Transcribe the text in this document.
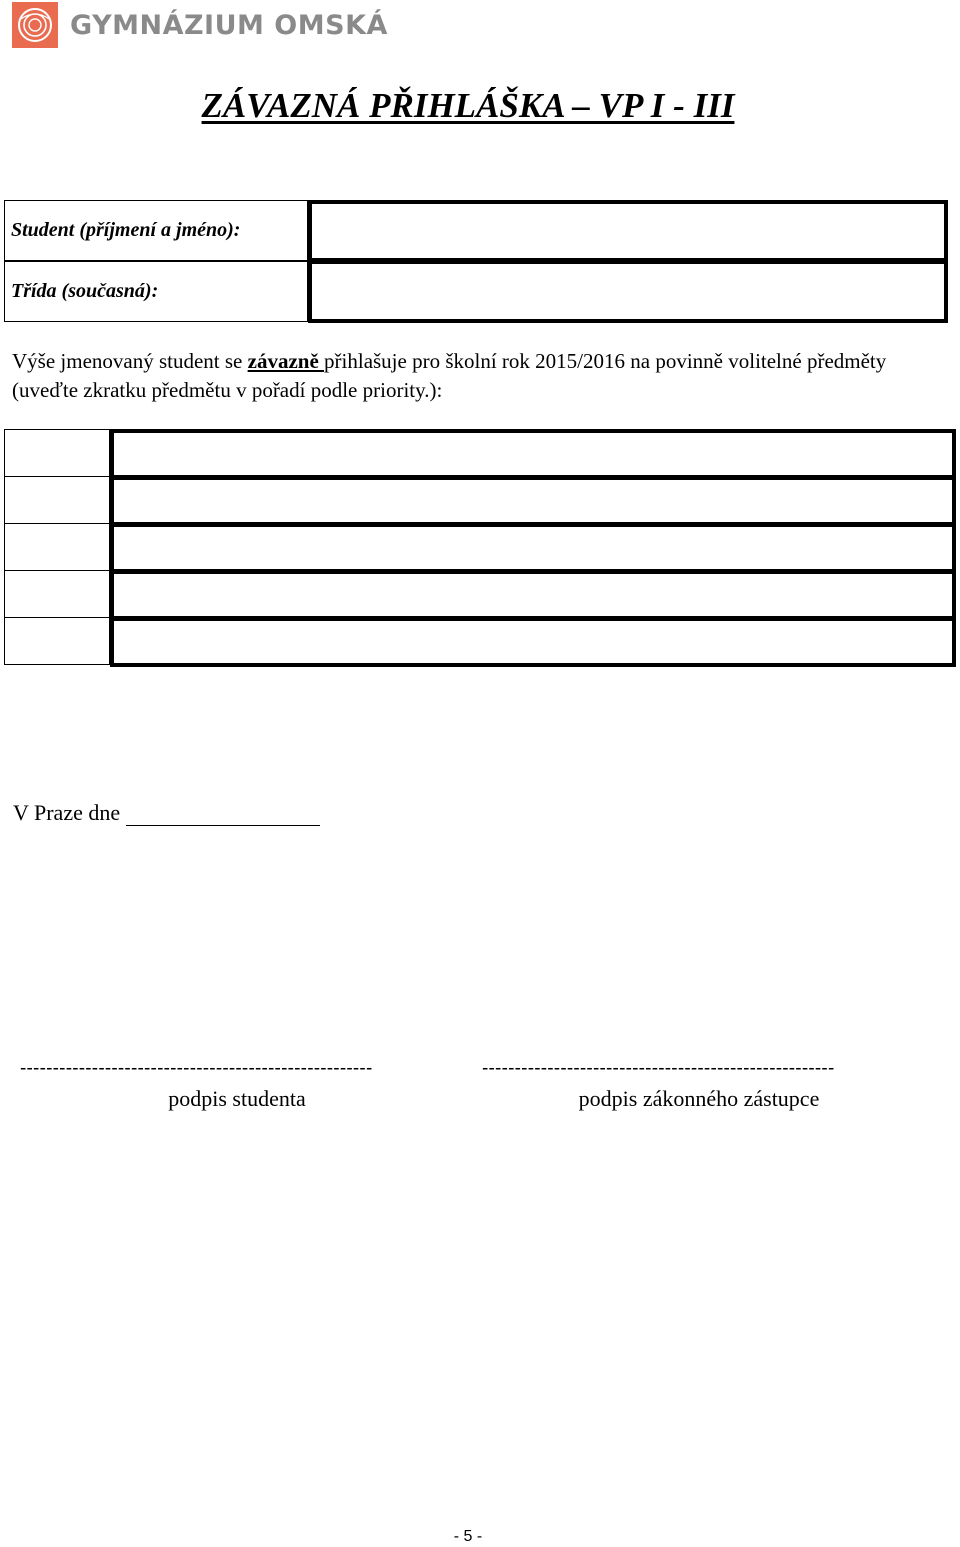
GYMNÁZIUM OMSKÁ
ZÁVAZNÁ PŘIHLÁŠKA – VP I - III
Student (příjmení a jméno):
Třída (současná):
Výše jmenovaný student se závazně přihlašuje pro školní rok 2015/2016 na povinně volitelné předměty (uveďte zkratku předmětu v pořadí podle priority.):
V Praze dne
------------------------------------------------------	------------------------------------------------------
podpis studenta	podpis zákonného zástupce
- 5 -
